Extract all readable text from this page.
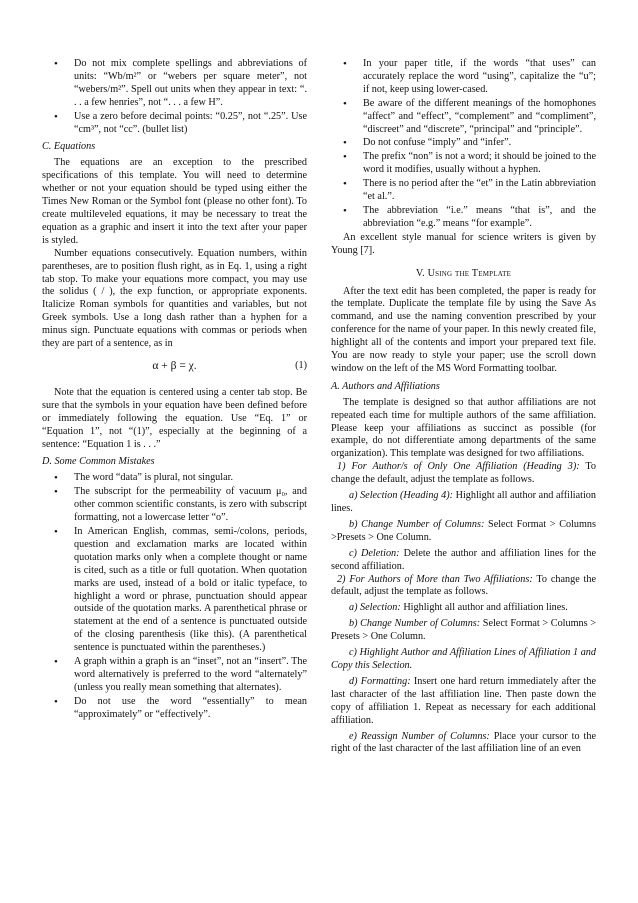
• Do not mix complete spellings and abbreviations of units: “Wb/m²” or “webers per square meter”, not “webers/m²”. Spell out units when they appear in text: “. . . a few henries”, not “. . . a few H”.
• Use a zero before decimal points: “0.25”, not “.25”. Use “cm³”, not “cc”. (bullet list)
C. Equations

The equations are an exception to the prescribed specifications of this template. You will need to determine whether or not your equation should be typed using either the Times New Roman or the Symbol font (please no other font). To create multileveled equations, it may be necessary to treat the equation as a graphic and insert it into the text after your paper is styled.

Number equations consecutively. Equation numbers, within parentheses, are to position flush right, as in Eq. 1, using a right tab stop. To make your equations more compact, you may use the solidus ( / ), the exp function, or appropriate exponents. Italicize Roman symbols for quantities and variables, but not Greek symbols. Use a long dash rather than a hyphen for a minus sign. Punctuate equations with commas or periods when they are part of a sentence, as in

α + β = χ.	(1)

Note that the equation is centered using a center tab stop. Be sure that the symbols in your equation have been defined before or immediately following the equation. Use “Eq. 1” or “Equation 1”, not “(1)”, especially at the beginning of a sentence: “Equation 1 is . . .”

D. Some Common Mistakes
• The word “data” is plural, not singular.
• The subscript for the permeability of vacuum μ₀, and other common scientific constants, is zero with subscript formatting, not a lowercase letter “o”.
• In American English, commas, semi-/colons, periods, question and exclamation marks are located within quotation marks only when a complete thought or name is cited, such as a title or full quotation. When quotation marks are used, instead of a bold or italic typeface, to highlight a word or phrase, punctuation should appear outside of the quotation marks. A parenthetical phrase or statement at the end of a sentence is punctuated outside of the closing parenthesis (like this). (A parenthetical sentence is punctuated within the parentheses.)
• A graph within a graph is an “inset”, not an “insert”. The word alternatively is preferred to the word “alternately” (unless you really mean something that alternates).
• Do not use the word “essentially” to mean “approximately” or “effectively”.
• In your paper title, if the words “that uses” can accurately replace the word “using”, capitalize the “u”; if not, keep using lower-cased.
• Be aware of the different meanings of the homophones “affect” and “effect”, “complement” and “compliment”, “discreet” and “discrete”, “principal” and “principle”.
• Do not confuse “imply” and “infer”.
• The prefix “non” is not a word; it should be joined to the word it modifies, usually without a hyphen.
• There is no period after the “et” in the Latin abbreviation “et al.”.
• The abbreviation “i.e.” means “that is”, and the abbreviation “e.g.” means “for example”.

An excellent style manual for science writers is given by Young [7].

V. Using the Template

After the text edit has been completed, the paper is ready for the template. Duplicate the template file by using the Save As command, and use the naming convention prescribed by your conference for the name of your paper. In this newly created file, highlight all of the contents and import your prepared text file. You are now ready to style your paper; use the scroll down window on the left of the MS Word Formatting toolbar.

A. Authors and Affiliations

The template is designed so that author affiliations are not repeated each time for multiple authors of the same affiliation. Please keep your affiliations as succinct as possible (for example, do not differentiate among departments of the same organization). This template was designed for two affiliations.

1) For Author/s of Only One Affiliation (Heading 3): To change the default, adjust the template as follows.

a) Selection (Heading 4): Highlight all author and affiliation lines.

b) Change Number of Columns: Select Format > Columns >Presets > One Column.

c) Deletion: Delete the author and affiliation lines for the second affiliation.

2) For Authors of More than Two Affiliations: To change the default, adjust the template as follows.

a) Selection: Highlight all author and affiliation lines.

b) Change Number of Columns: Select Format > Columns > Presets > One Column.

c) Highlight Author and Affiliation Lines of Affiliation 1 and Copy this Selection.

d) Formatting: Insert one hard return immediately after the last character of the last affiliation line. Then paste down the copy of affiliation 1. Repeat as necessary for each additional affiliation.

e) Reassign Number of Columns: Place your cursor to the right of the last character of the last affiliation line of an even
